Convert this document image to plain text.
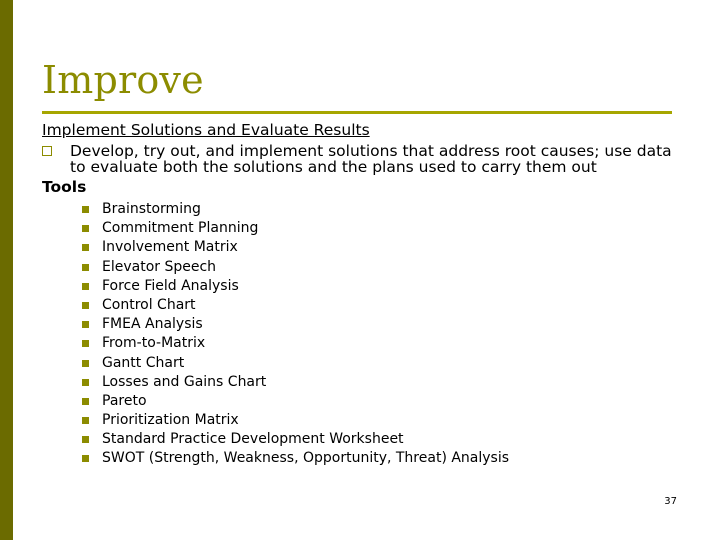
Improve

Implement Solutions and Evaluate Results

Develop, try out, and implement solutions that address root causes; use data to evaluate both the solutions and the plans used to carry them out
Tools
Brainstorming
Commitment Planning
Involvement Matrix
Elevator Speech
Force Field Analysis
Control Chart
FMEA Analysis
From-to-Matrix
Gantt Chart
Losses and Gains Chart
Pareto
Prioritization Matrix
Standard Practice Development Worksheet
SWOT (Strength, Weakness, Opportunity, Threat) Analysis
37
